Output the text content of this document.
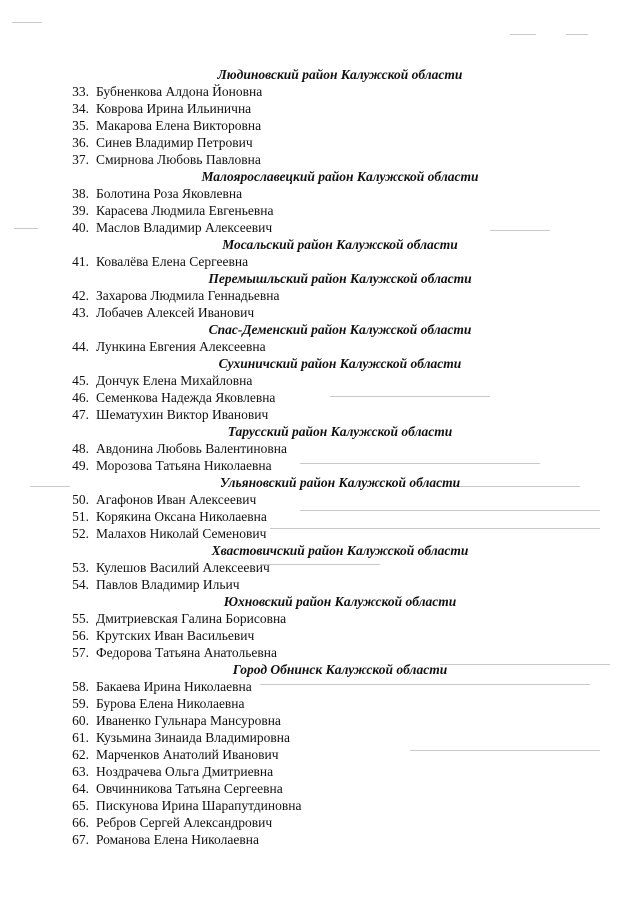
Людиновский район Калужской области
33. Бубненкова Алдона Йоновна
34. Коврова Ирина Ильинична
35. Макарова Елена Викторовна
36. Синев Владимир Петрович
37. Смирнова Любовь Павловна
Малоярославецкий район Калужской области
38. Болотина Роза Яковлевна
39. Карасева Людмила Евгеньевна
40. Маслов Владимир Алексеевич
Мосальский район Калужской области
41. Ковалёва Елена Сергеевна
Перемышльский район Калужской области
42. Захарова Людмила Геннадьевна
43. Лобачев Алексей Иванович
Спас-Деменский район Калужской области
44. Лункина Евгения Алексеевна
Сухиничский район Калужской области
45. Дончук Елена Михайловна
46. Семенкова Надежда Яковлевна
47. Шематухин Виктор Иванович
Тарусский район Калужской области
48. Авдонина Любовь Валентиновна
49. Морозова Татьяна Николаевна
Ульяновский район Калужской области
50. Агафонов Иван Алексеевич
51. Корякина Оксана Николаевна
52. Малахов Николай Семенович
Хвастовичский район Калужской области
53. Кулешов Василий Алексеевич
54. Павлов Владимир Ильич
Юхновский район Калужской области
55. Дмитриевская Галина Борисовна
56. Крутских Иван Васильевич
57. Федорова Татьяна Анатольевна
Город Обнинск Калужской области
58. Бакаева Ирина Николаевна
59. Бурова Елена Николаевна
60. Иваненко Гульнара Мансуровна
61. Кузьмина Зинаида Владимировна
62. Марченков Анатолий Иванович
63. Ноздрачева Ольга Дмитриевна
64. Овчинникова Татьяна Сергеевна
65. Пискунова Ирина Шарапутдиновна
66. Ребров Сергей Александрович
67. Романова Елена Николаевна
